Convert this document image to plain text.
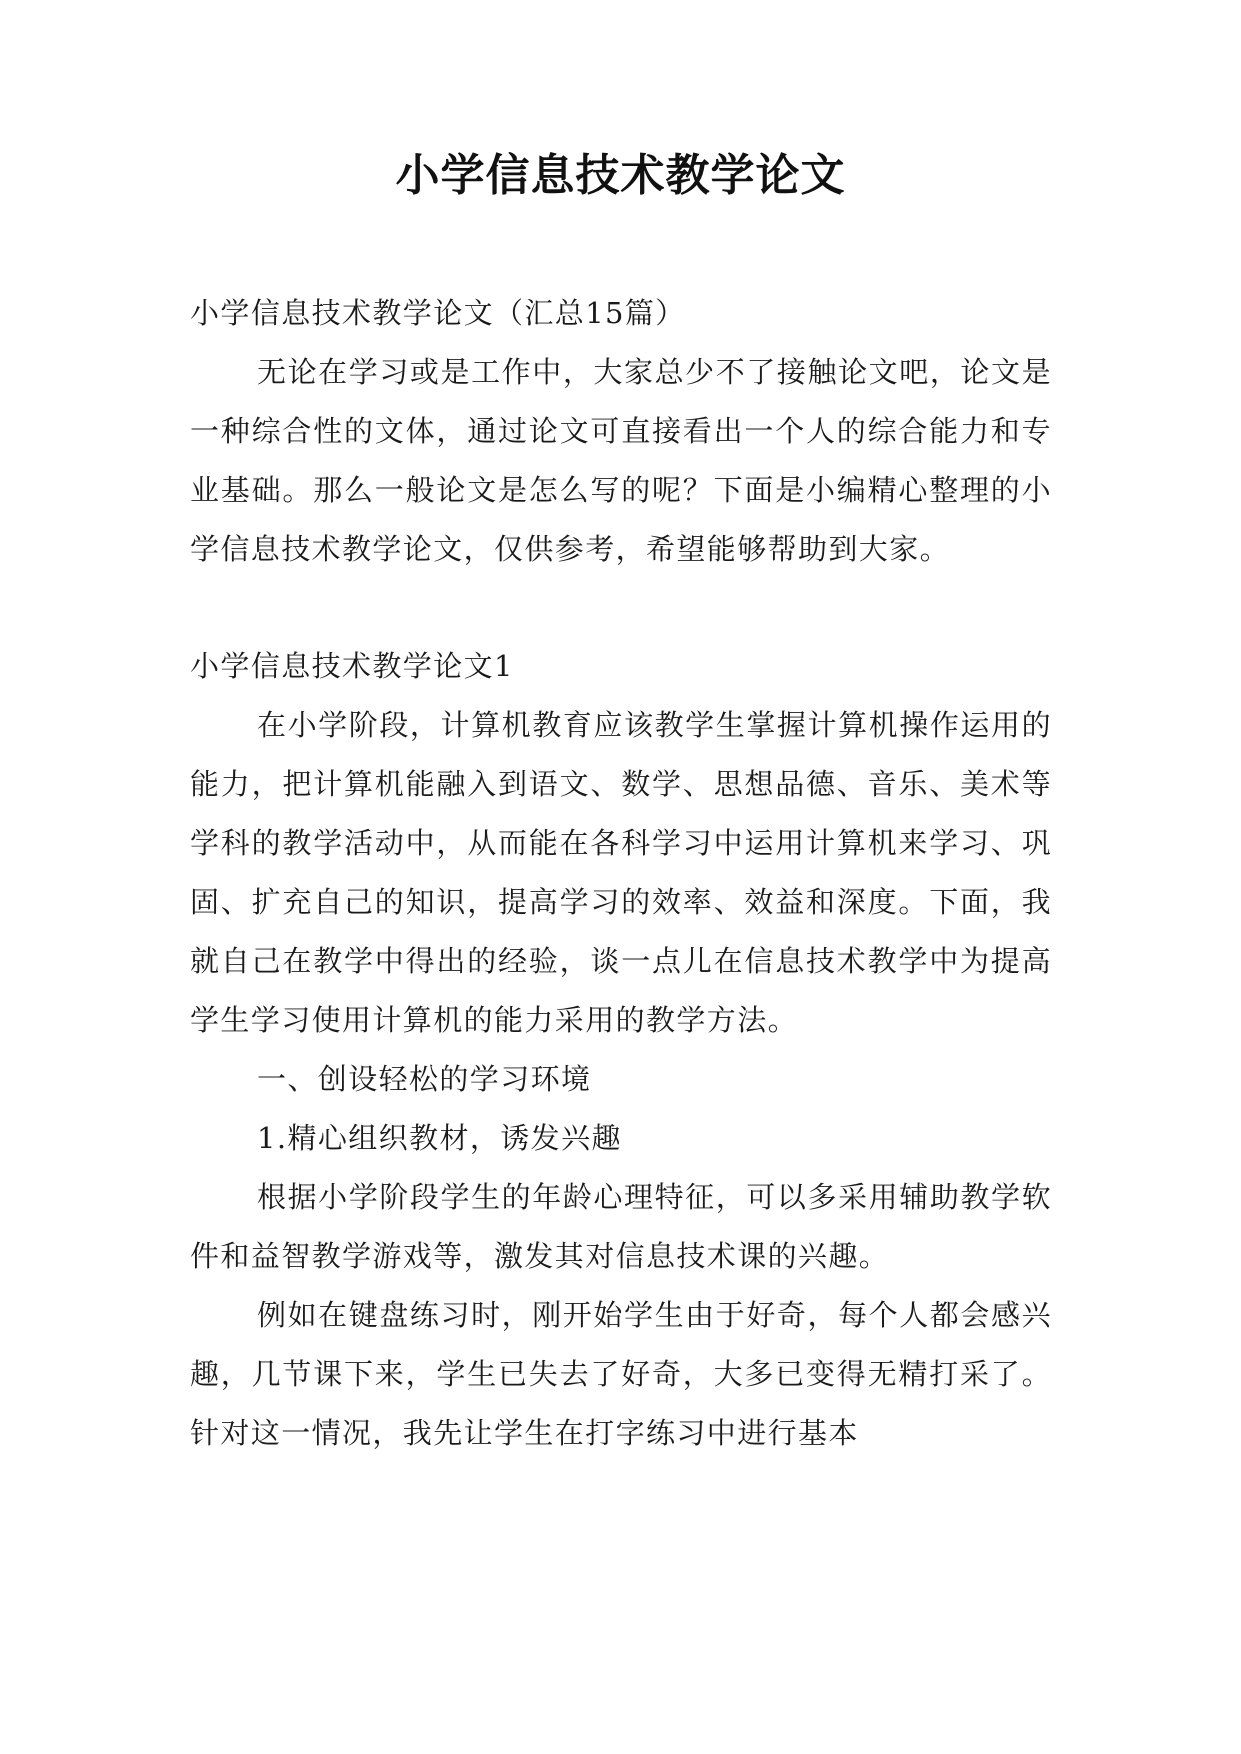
小学信息技术教学论文

小学信息技术教学论文（汇总15篇）

无论在学习或是工作中，大家总少不了接触论文吧，论文是一种综合性的文体，通过论文可直接看出一个人的综合能力和专业基础。那么一般论文是怎么写的呢？下面是小编精心整理的小学信息技术教学论文，仅供参考，希望能够帮助到大家。

小学信息技术教学论文1

在小学阶段，计算机教育应该教学生掌握计算机操作运用的能力，把计算机能融入到语文、数学、思想品德、音乐、美术等学科的教学活动中，从而能在各科学习中运用计算机来学习、巩固、扩充自己的知识，提高学习的效率、效益和深度。下面，我就自己在教学中得出的经验，谈一点儿在信息技术教学中为提高学生学习使用计算机的能力采用的教学方法。

一、创设轻松的学习环境

1.精心组织教材，诱发兴趣

根据小学阶段学生的年龄心理特征，可以多采用辅助教学软件和益智教学游戏等，激发其对信息技术课的兴趣。

例如在键盘练习时，刚开始学生由于好奇，每个人都会感兴趣，几节课下来，学生已失去了好奇，大多已变得无精打采了。针对这一情况，我先让学生在打字练习中进行基本
